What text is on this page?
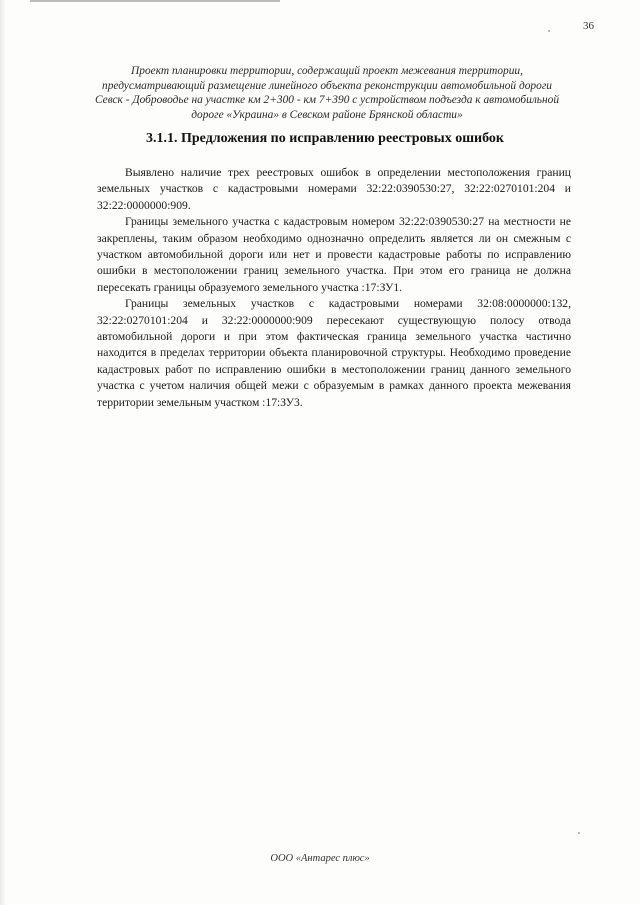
36
Проект планировки территории, содержащий проект межевания территории, предусматривающий размещение линейного объекта реконструкции автомобильной дороги Севск - Доброводье на участке км 2+300 - км 7+390 с устройством подъезда к автомобильной дороге «Украина» в Севском районе Брянской области»
3.1.1. Предложения по исправлению реестровых ошибок

Выявлено наличие трех реестровых ошибок в определении местоположения границ земельных участков с кадастровыми номерами 32:22:0390530:27, 32:22:0270101:204 и 32:22:0000000:909.

Границы земельного участка с кадастровым номером 32:22:0390530:27 на местности не закреплены, таким образом необходимо однозначно определить является ли он смежным с участком автомобильной дороги или нет и провести кадастровые работы по исправлению ошибки в местоположении границ земельного участка. При этом его граница не должна пересекать границы образуемого земельного участка :17:ЗУ1.

Границы земельных участков с кадастровыми номерами 32:08:0000000:132, 32:22:0270101:204 и 32:22:0000000:909 пересекают существующую полосу отвода автомобильной дороги и при этом фактическая граница земельного участка частично находится в пределах территории объекта планировочной структуры. Необходимо проведение кадастровых работ по исправлению ошибки в местоположении границ данного земельного участка с учетом наличия общей межи с образуемым в рамках данного проекта межевания территории земельным участком :17:ЗУ3.

ООО «Антарес плюс»
